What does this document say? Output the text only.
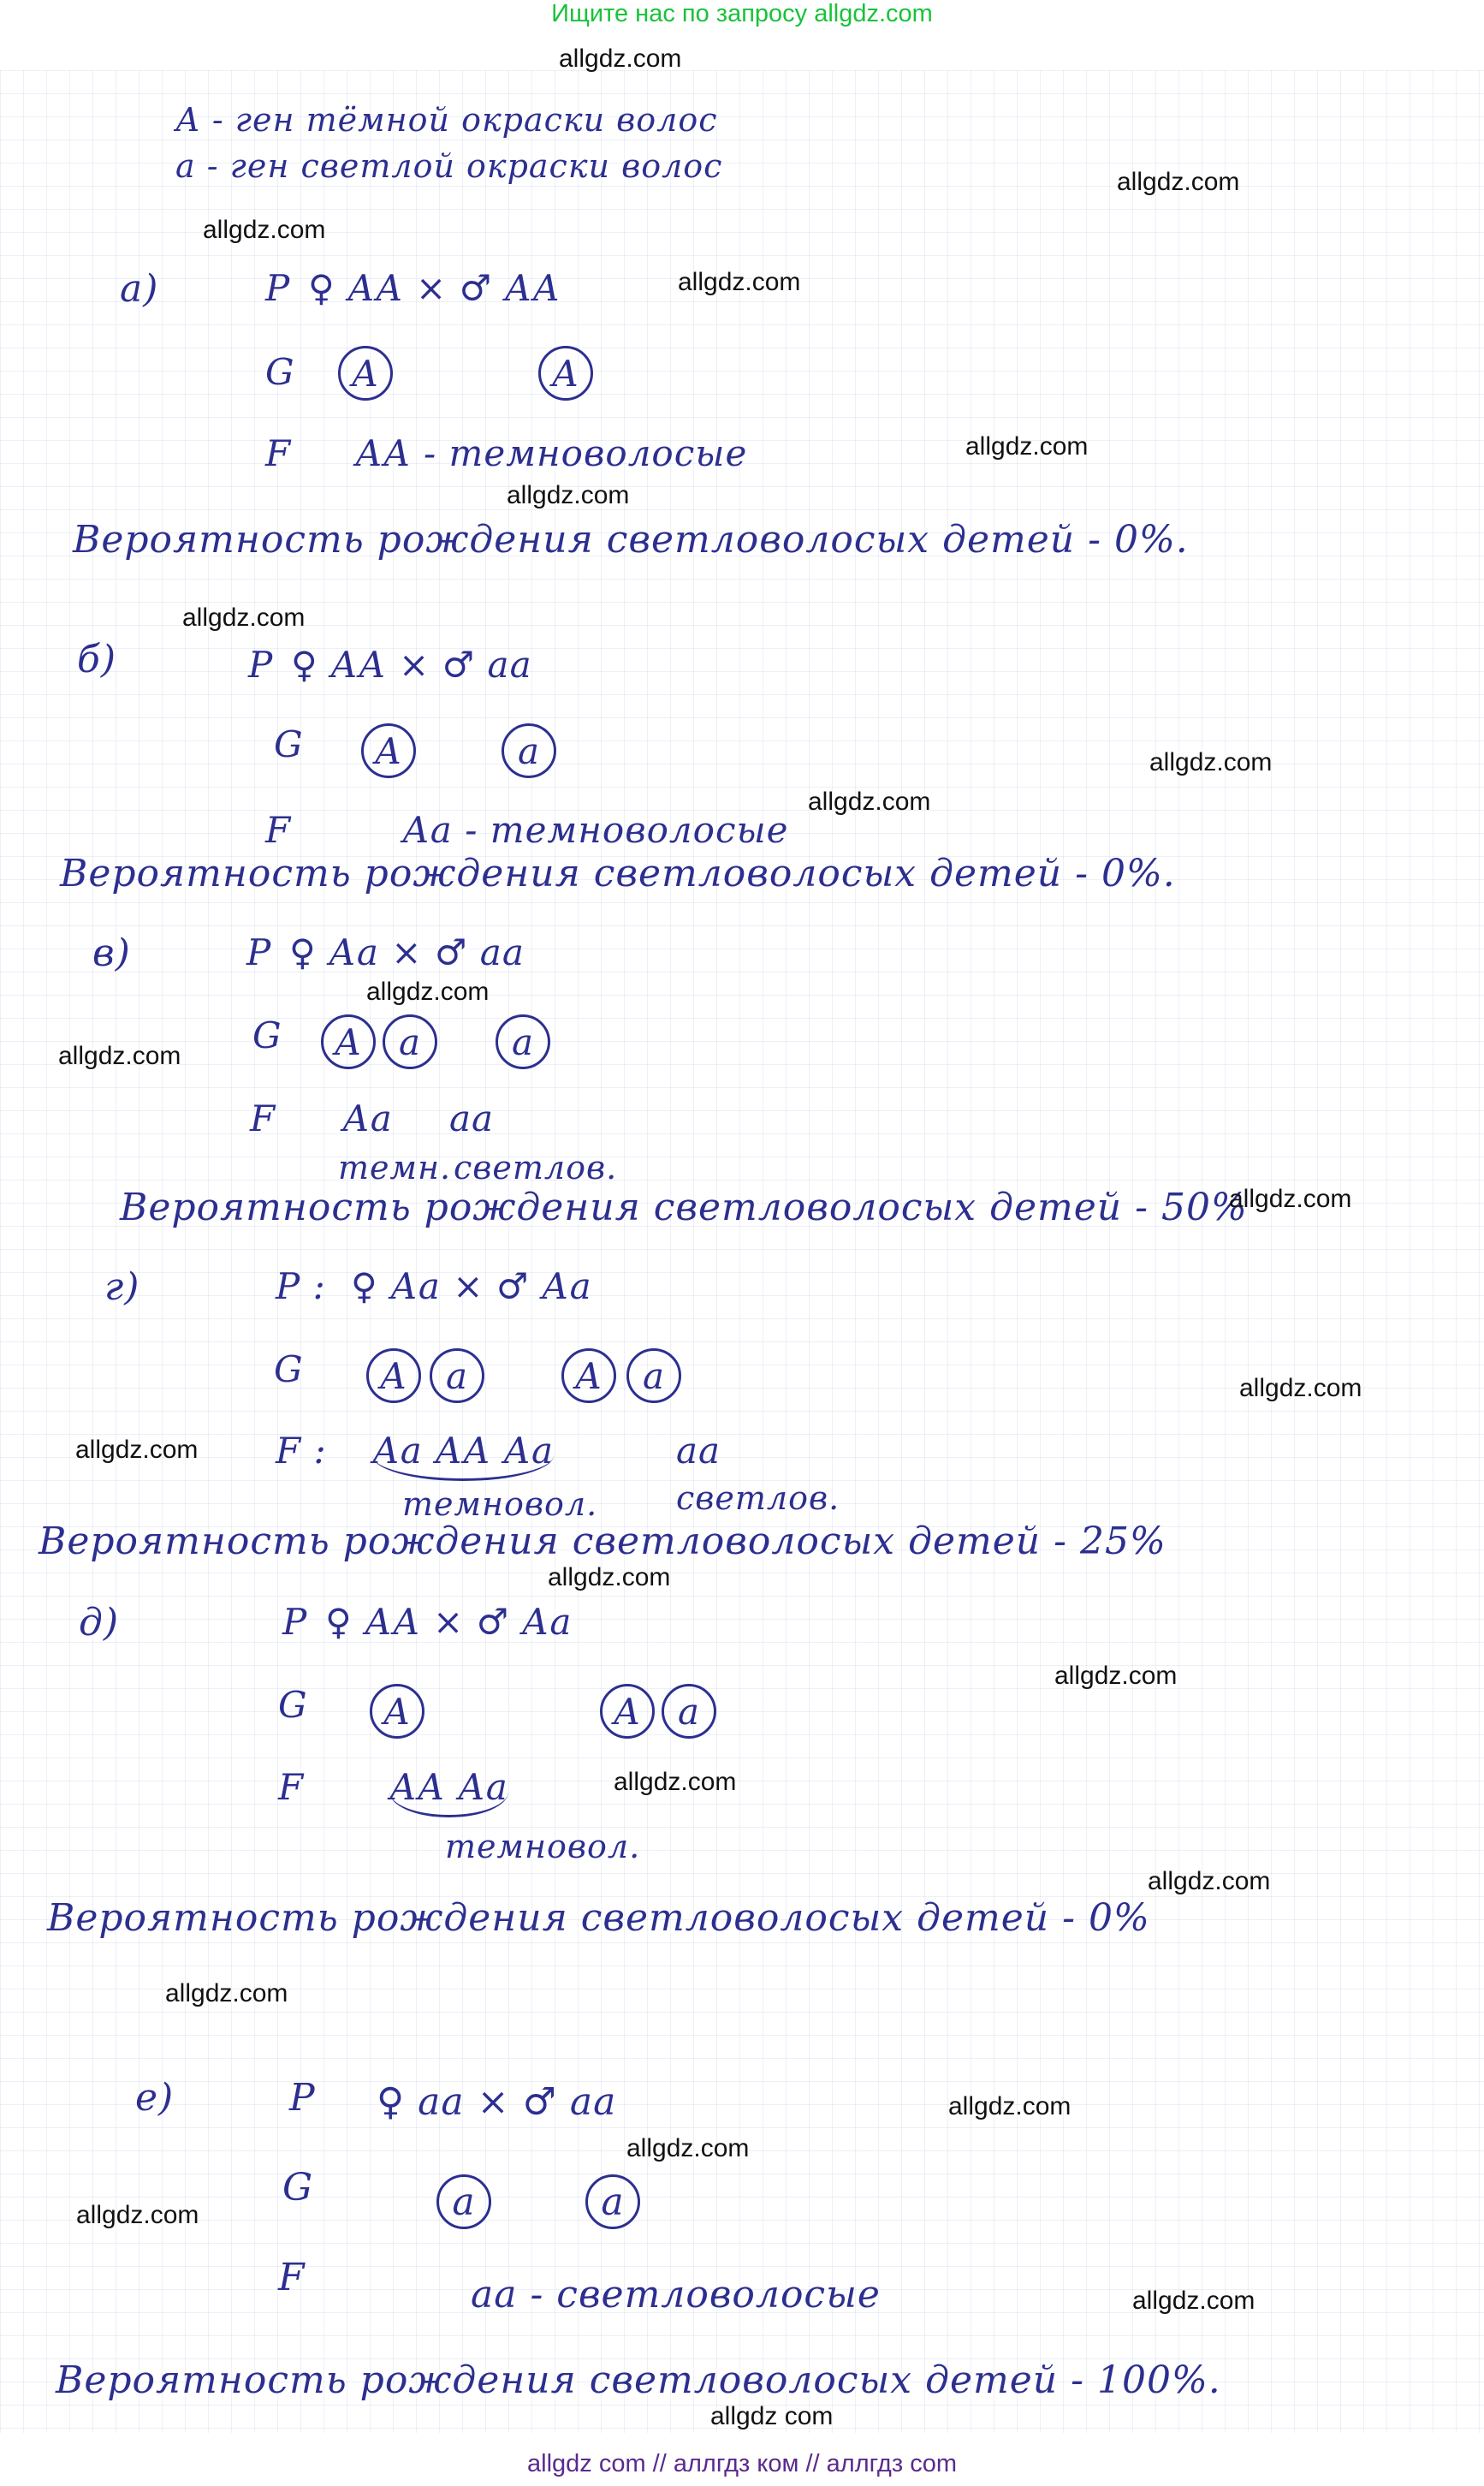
Ищите нас по запросу allgdz.com
А - ген тёмной окраски волос
а - ген светлой окраски волос
а)	P ♀ АА × ♂ АА
G	A	A
F АА - темноволосые
Вероятность рождения светловолосых детей - 0%.
б)	P ♀ АА × ♂ аа
G	A	a
F	Аа - темноволосые
Вероятность рождения светловолосых детей - 0%.
в)	P ♀ Аа × ♂ аа
G	A a	a
F Аа аа
темн. светлов.
Вероятность рождения светловолосых детей - 50%
г)	P : ♀ Аа × ♂ Аа
G	A a	A a
F : Аа АА Аа	аа
темновол. светлов.
Вероятность рождения светловолосых детей - 25%
д)	P ♀ АА × ♂ Аа
G	A	A a
F АА Аа
темновол.
Вероятность рождения светловолосых детей - 0%
е)	P ♀ аа × ♂ аа
G	a	a
F	аа - светловолосые
Вероятность рождения светловолосых детей - 100%.
allgdz.com
allgdz.com
allgdz.com
allgdz.com
allgdz.com
allgdz.com
allgdz.com
allgdz.com
allgdz.com
allgdz.com
allgdz.com
allgdz.com
allgdz.com
allgdz.com
allgdz.com
allgdz.com
allgdz.com
allgdz.com
allgdz.com
allgdz.com
allgdz.com
allgdz.com
allgdz.com
allgdz com
allgdz com // аллгдз ком // аллгдз com
